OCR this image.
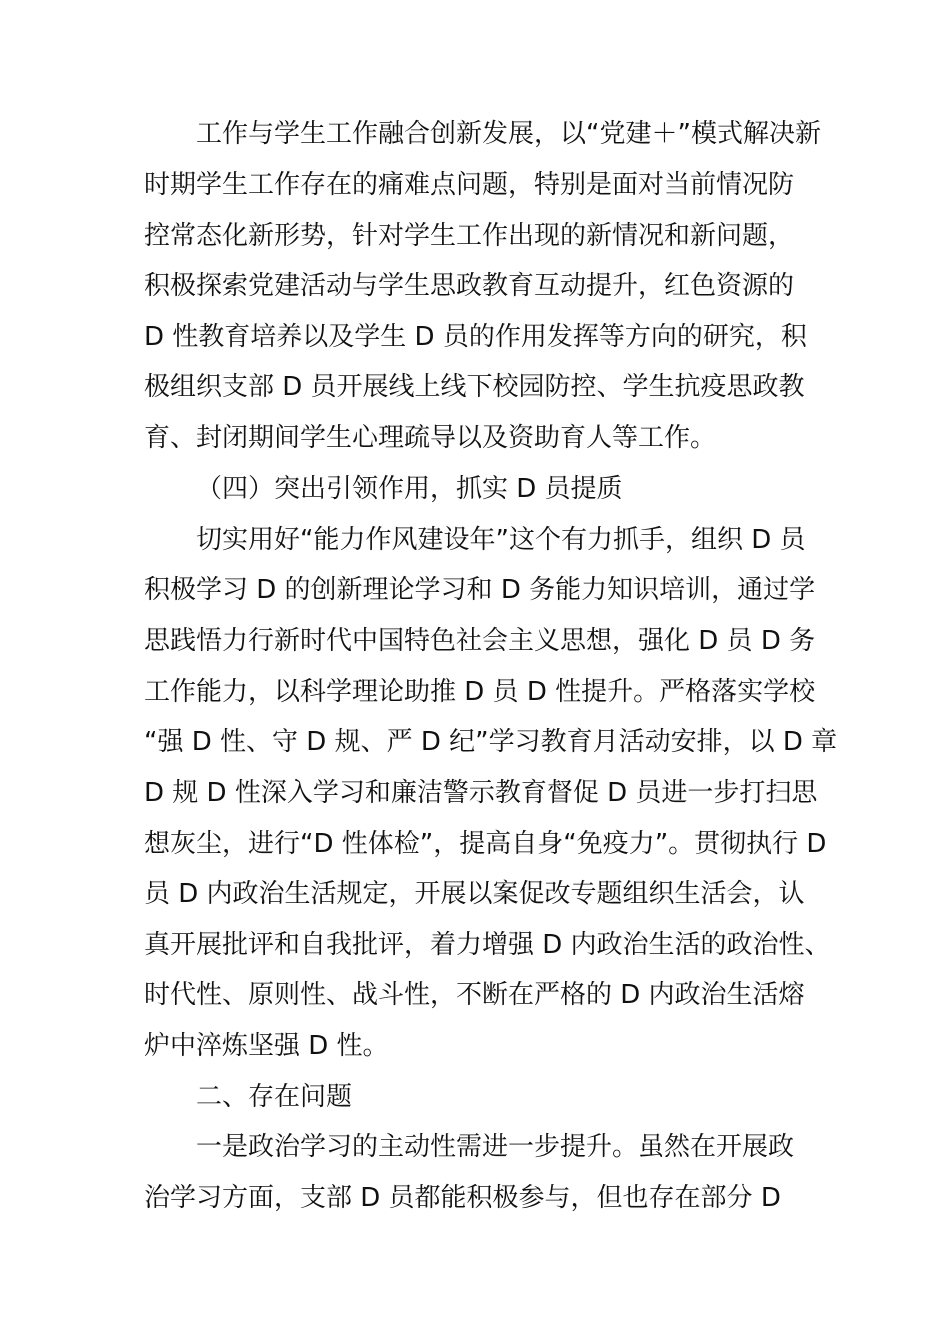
工作与学生工作融合创新发展，以“党建＋”模式解决新
时期学生工作存在的痛难点问题，特别是面对当前情况防
控常态化新形势，针对学生工作出现的新情况和新问题，
积极探索党建活动与学生思政教育互动提升，红色资源的
D 性教育培养以及学生 D 员的作用发挥等方向的研究，积
极组织支部 D 员开展线上线下校园防控、学生抗疫思政教
育、封闭期间学生心理疏导以及资助育人等工作。
（四）突出引领作用，抓实 D 员提质
切实用好“能力作风建设年”这个有力抓手，组织 D 员
积极学习 D 的创新理论学习和 D 务能力知识培训，通过学
思践悟力行新时代中国特色社会主义思想，强化 D 员 D 务
工作能力，以科学理论助推 D 员 D 性提升。严格落实学校
“强 D 性、守 D 规、严 D 纪”学习教育月活动安排，以 D 章
D 规 D 性深入学习和廉洁警示教育督促 D 员进一步打扫思
想灰尘，进行“D 性体检”，提高自身“免疫力”。贯彻执行 D
员 D 内政治生活规定，开展以案促改专题组织生活会，认
真开展批评和自我批评，着力增强 D 内政治生活的政治性、
时代性、原则性、战斗性，不断在严格的 D 内政治生活熔
炉中淬炼坚强 D 性。
二、存在问题
一是政治学习的主动性需进一步提升。虽然在开展政
治学习方面，支部 D 员都能积极参与，但也存在部分 D
